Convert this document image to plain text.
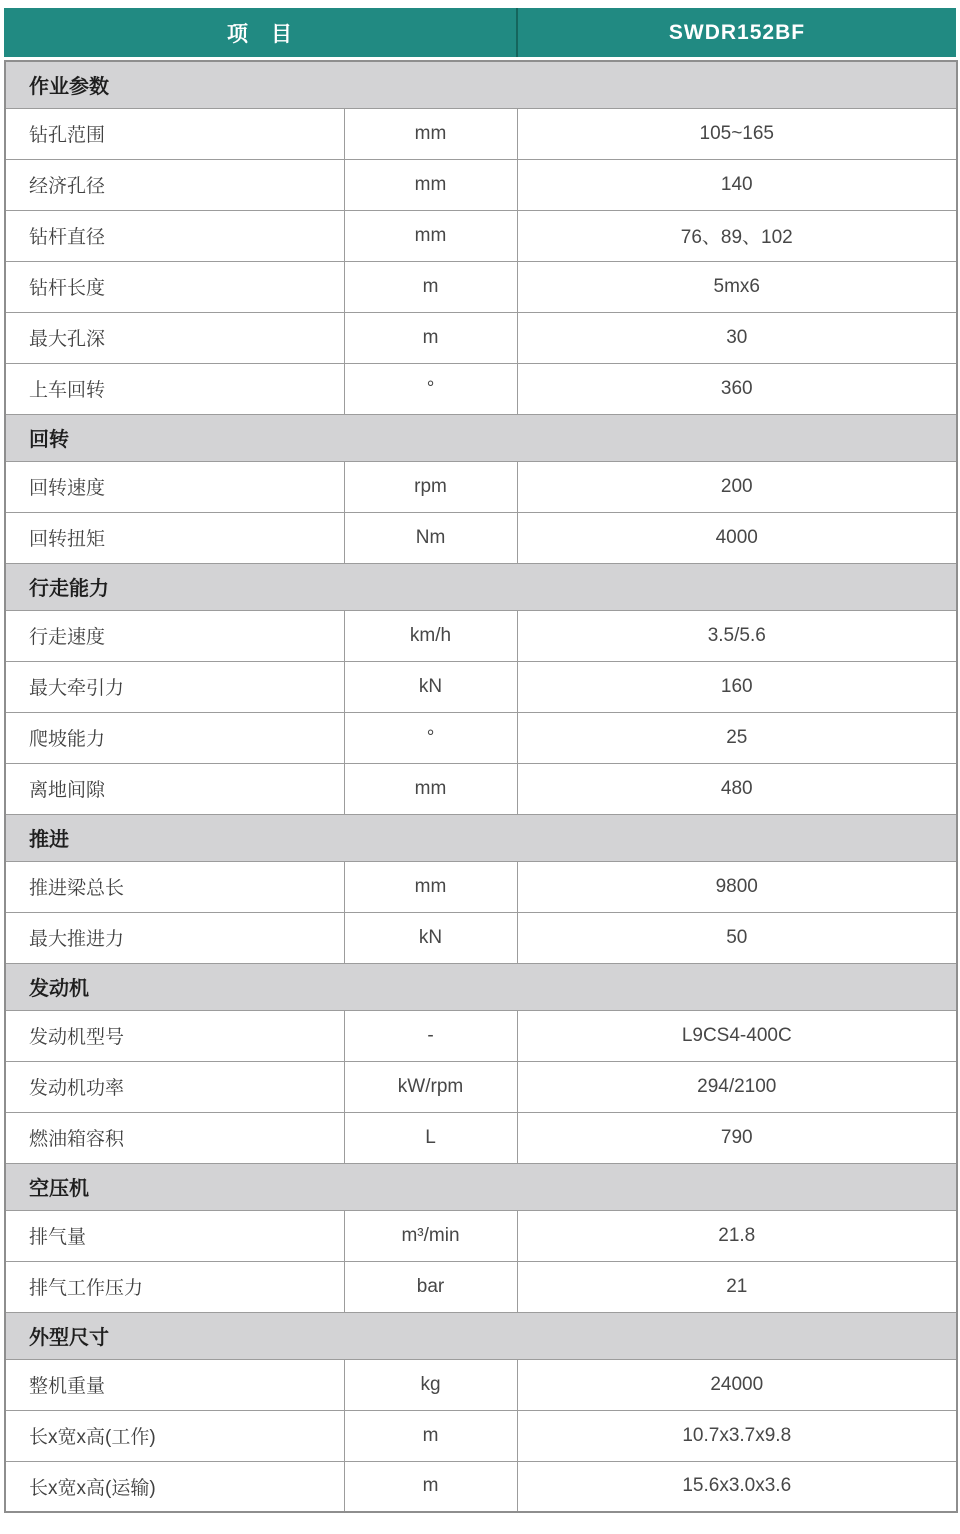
项　目	SWDR152BF
作业参数		
钻孔范围	mm	105~165
经济孔径	mm	140
钻杆直径	mm	76、89、102
钻杆长度	m	5mx6
最大孔深	m	30
上车回转	°	360
回转		
回转速度	rpm	200
回转扭矩	Nm	4000
行走能力		
行走速度	km/h	3.5/5.6
最大牵引力	kN	160
爬坡能力	°	25
离地间隙	mm	480
推进		
推进梁总长	mm	9800
最大推进力	kN	50
发动机		
发动机型号	-	L9CS4-400C
发动机功率	kW/rpm	294/2100
燃油箱容积	L	790
空压机		
排气量	m³/min	21.8
排气工作压力	bar	21
外型尺寸		
整机重量	kg	24000
长x宽x高(工作)	m	10.7x3.7x9.8
长x宽x高(运输)	m	15.6x3.0x3.6
